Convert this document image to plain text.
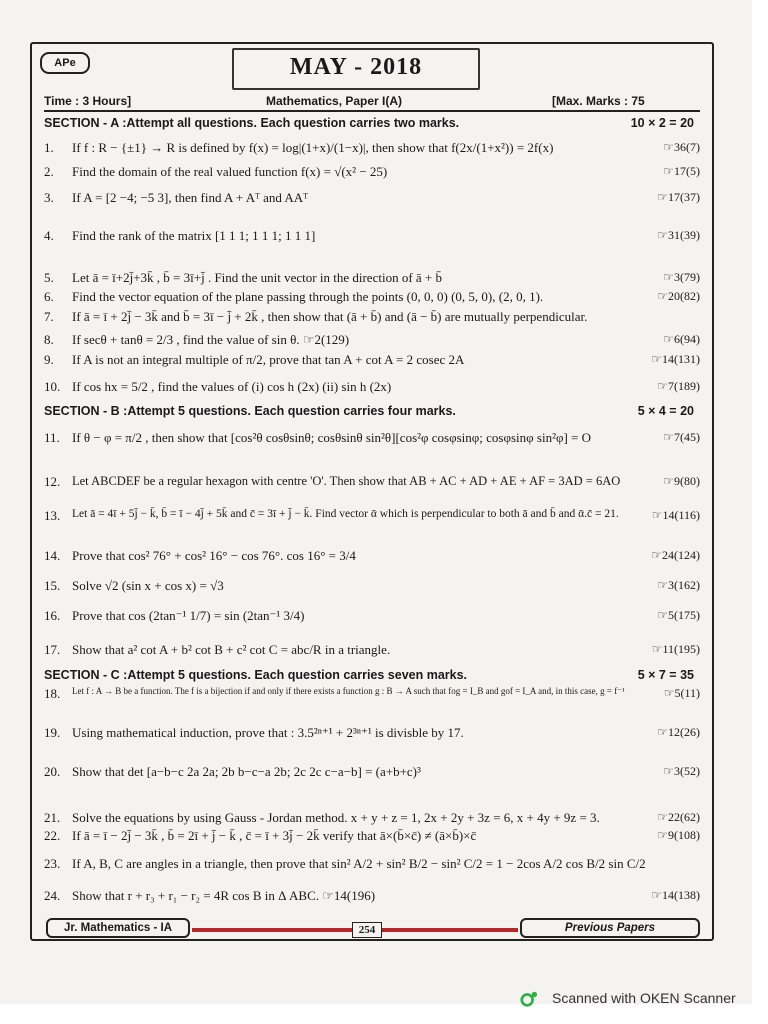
APe	MAY - 2018
Time : 3 Hours]	Mathematics, Paper I(A)	[Max. Marks : 75
SECTION - A :Attempt all questions. Each question carries two marks.	10 × 2 = 20
SECTION - B :Attempt 5 questions. Each question carries four marks.	5 × 4 = 20
SECTION - C :Attempt 5 questions. Each question carries seven marks.	5 × 7 = 35
1. If f : R − {±1} → R is defined by f(x) = log|(1+x)/(1−x)|, then show that f(2x/(1+x²)) = 2f(x)	☞36(7)
2. Find the domain of the real valued function f(x) = √(x² − 25)	☞17(5)
3. If A = [2 −4; −5 3], then find A + Aᵀ and AAᵀ	☞17(37)
4. Find the rank of the matrix [1 1 1; 1 1 1; 1 1 1]	☞31(39)
5. Let ā = ī+2j̄+3k̄ , b̄ = 3ī+j̄ . Find the unit vector in the direction of ā + b̄	☞3(79)
6. Find the vector equation of the plane passing through the points (0, 0, 0) (0, 5, 0), (2, 0, 1).	☞20(82)
7. If ā = ī + 2j̄ − 3k̄ and b̄ = 3ī − j̄ + 2k̄ , then show that (ā + b̄) and (ā − b̄) are mutually perpendicular.
8. If secθ + tanθ = 2/3 , find the value of sin θ. ☞2(129)	☞6(94)
9. If A is not an integral multiple of π/2, prove that tan A + cot A = 2 cosec 2A	☞14(131)
10. If cos hx = 5/2 , find the values of (i) cos h (2x) (ii) sin h (2x)	☞7(189)
11. If θ − φ = π/2 , then show that [cos²θ cosθsinθ; cosθsinθ sin²θ][cos²φ cosφsinφ; cosφsinφ sin²φ] = O	☞7(45)
12. Let ABCDEF be a regular hexagon with centre 'O'. Then show that AB + AC + AD + AE + AF = 3AD = 6AO	☞9(80)
13. Let ā = 4ī + 5j̄ − k̄, b̄ = ī − 4j̄ + 5k̄ and c̄ = 3ī + j̄ − k̄. Find vector ᾱ which is perpendicular to both ā and b̄ and ᾱ.c̄ = 21.	☞14(116)
14. Prove that cos² 76° + cos² 16° − cos 76°. cos 16° = 3/4	☞24(124)
15. Solve √2 (sin x + cos x) = √3	☞3(162)
16. Prove that cos (2tan⁻¹ 1/7) = sin (2tan⁻¹ 3/4)	☞5(175)
17. Show that a² cot A + b² cot B + c² cot C = abc/R in a triangle.	☞11(195)
18. Let f : A → B be a function. The f is a bijection if and only if there exists a function g : B → A such that fog = I_B and gof = I_A and, in this case, g = f⁻¹	☞5(11)
19. Using mathematical induction, prove that : 3.5²ⁿ⁺¹ + 2³ⁿ⁺¹ is divisble by 17.	☞12(26)
20. Show that det [a−b−c 2a 2a; 2b b−c−a 2b; 2c 2c c−a−b] = (a+b+c)³	☞3(52)
21. Solve the equations by using Gauss - Jordan method. x + y + z = 1, 2x + 2y + 3z = 6, x + 4y + 9z = 3.	☞22(62)
22. If ā = ī − 2j̄ − 3k̄ , b̄ = 2ī + j̄ − k̄ , c̄ = ī + 3j̄ − 2k̄ verify that ā×(b̄×c̄) ≠ (ā×b̄)×c̄	☞9(108)
23. If A, B, C are angles in a triangle, then prove that sin² A/2 + sin² B/2 − sin² C/2 = 1 − 2cos A/2 cos B/2 sin C/2
24. Show that r + r₃ + r₁ − r₂ = 4R cos B in Δ ABC. ☞14(196)	☞14(138)
Jr. Mathematics - IA	254	Previous Papers
Scanned with OKEN Scanner
